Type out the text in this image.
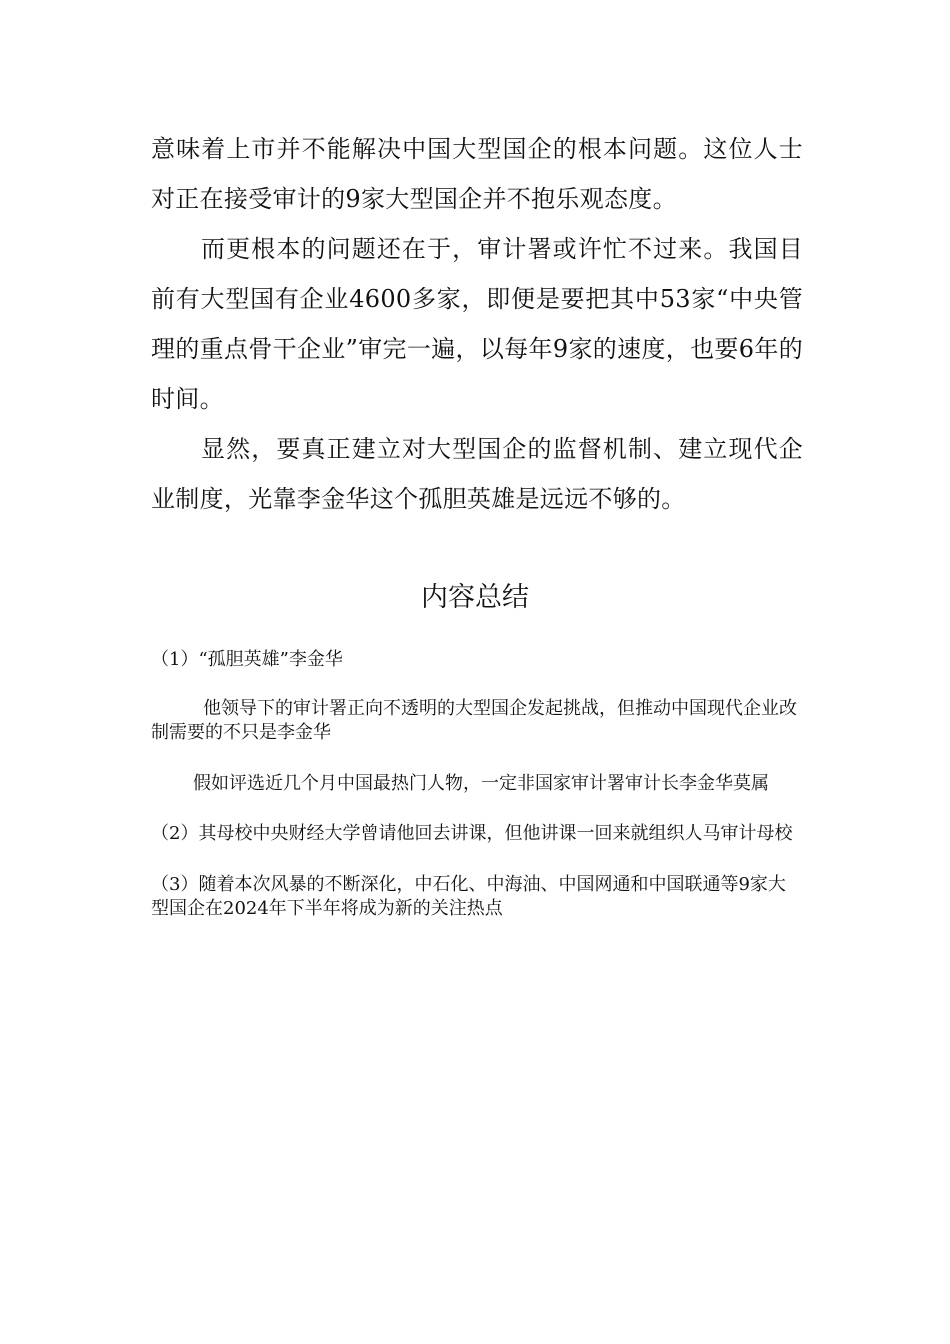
意味着上市并不能解决中国大型国企的根本问题。这位人士对正在接受审计的9家大型国企并不抱乐观态度。

而更根本的问题还在于，审计署或许忙不过来。我国目前有大型国有企业4600多家，即便是要把其中53家“中央管理的重点骨干企业”审完一遍，以每年9家的速度，也要6年的时间。

显然，要真正建立对大型国企的监督机制、建立现代企业制度，光靠李金华这个孤胆英雄是远远不够的。

内容总结

（1）“孤胆英雄”李金华

他领导下的审计署正向不透明的大型国企发起挑战，但推动中国现代企业改制需要的不只是李金华

假如评选近几个月中国最热门人物，一定非国家审计署审计长李金华莫属

（2）其母校中央财经大学曾请他回去讲课，但他讲课一回来就组织人马审计母校

（3）随着本次风暴的不断深化，中石化、中海油、中国网通和中国联通等9家大型国企在2024年下半年将成为新的关注热点
